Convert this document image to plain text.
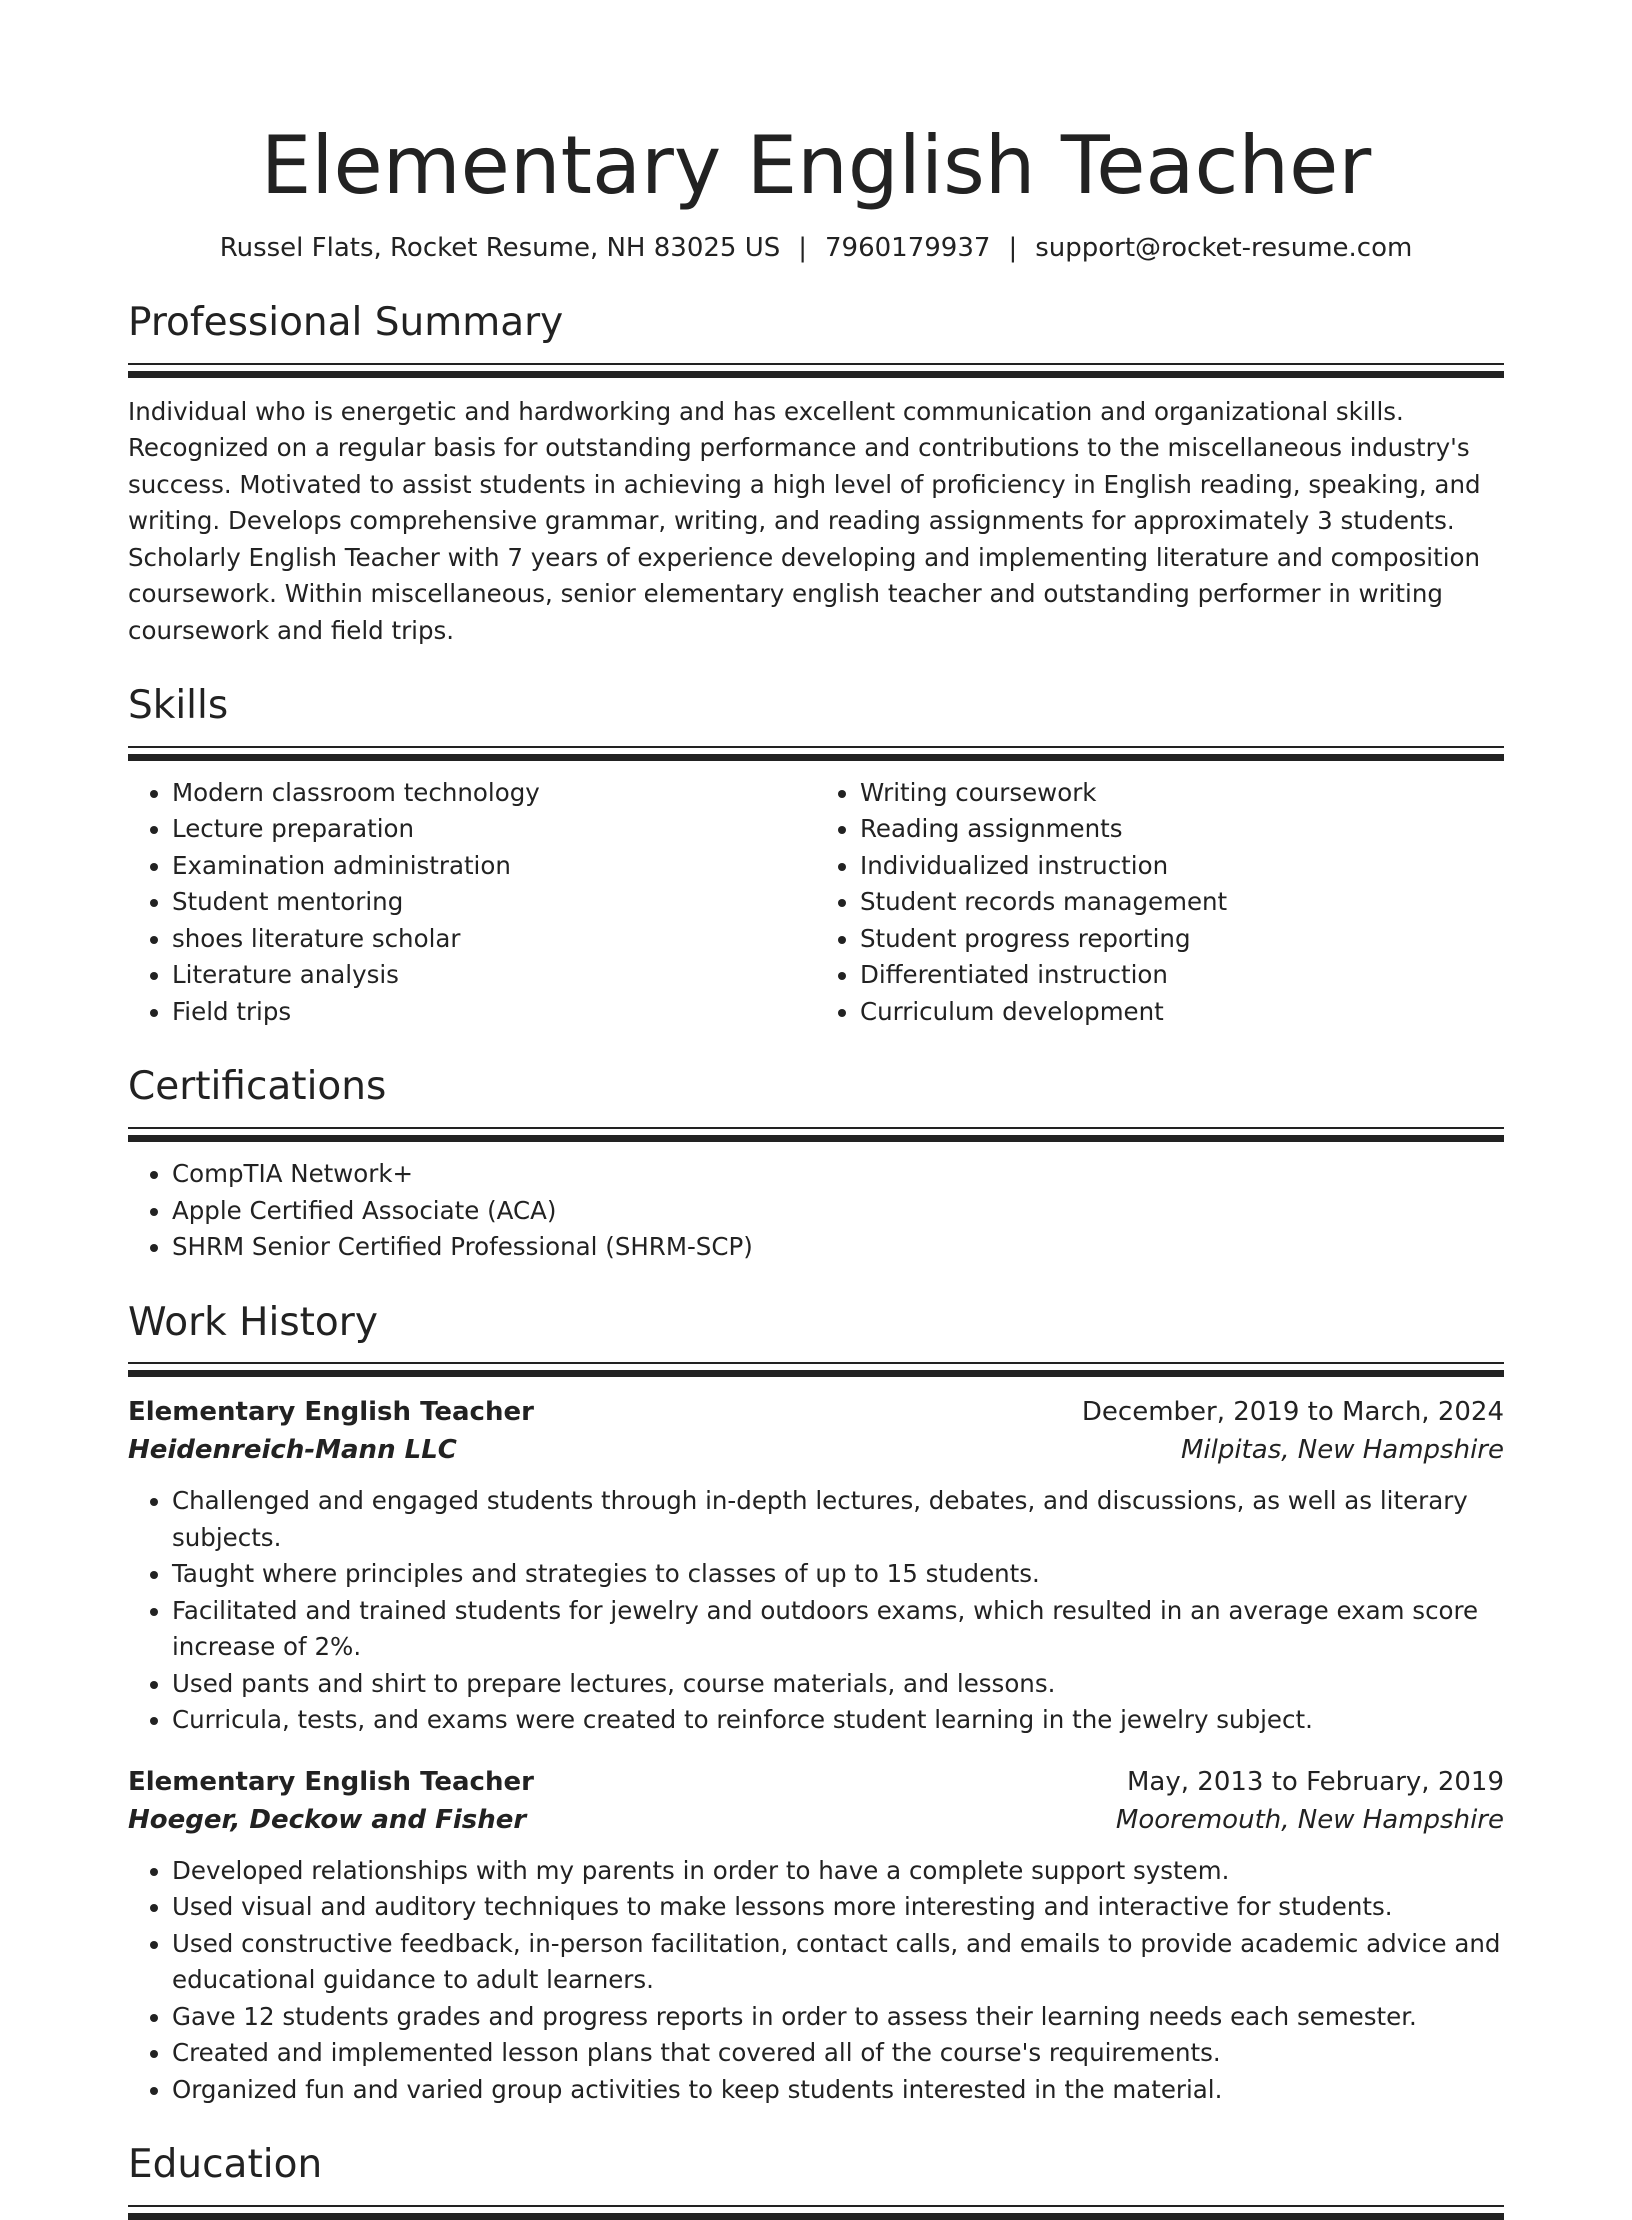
Elementary English Teacher
Russel Flats, Rocket Resume, NH 83025 US | 7960179937 | support@rocket-resume.com
Professional Summary

Individual who is energetic and hardworking and has excellent communication and organizational skills. Recognized on a regular basis for outstanding performance and contributions to the miscellaneous industry's success. Motivated to assist students in achieving a high level of proficiency in English reading, speaking, and writing. Develops comprehensive grammar, writing, and reading assignments for approximately 3 students. Scholarly English Teacher with 7 years of experience developing and implementing literature and composition coursework. Within miscellaneous, senior elementary english teacher and outstanding performer in writing coursework and field trips.

Skills
• Modern classroom technology
• Lecture preparation
• Examination administration
• Student mentoring
• shoes literature scholar
• Literature analysis
• Field trips
• Writing coursework
• Reading assignments
• Individualized instruction
• Student records management
• Student progress reporting
• Differentiated instruction
• Curriculum development
Certifications
• CompTIA Network+
• Apple Certified Associate (ACA)
• SHRM Senior Certified Professional (SHRM-SCP)
Work History
Elementary English Teacher	December, 2019 to March, 2024
Heidenreich-Mann LLC	Milpitas, New Hampshire
• Challenged and engaged students through in-depth lectures, debates, and discussions, as well as literary subjects.
• Taught where principles and strategies to classes of up to 15 students.
• Facilitated and trained students for jewelry and outdoors exams, which resulted in an average exam score increase of 2%.
• Used pants and shirt to prepare lectures, course materials, and lessons.
• Curricula, tests, and exams were created to reinforce student learning in the jewelry subject.
Elementary English Teacher	May, 2013 to February, 2019
Hoeger, Deckow and Fisher	Mooremouth, New Hampshire
• Developed relationships with my parents in order to have a complete support system.
• Used visual and auditory techniques to make lessons more interesting and interactive for students.
• Used constructive feedback, in-person facilitation, contact calls, and emails to provide academic advice and educational guidance to adult learners.
• Gave 12 students grades and progress reports in order to assess their learning needs each semester.
• Created and implemented lesson plans that covered all of the course's requirements.
• Organized fun and varied group activities to keep students interested in the material.
Education
